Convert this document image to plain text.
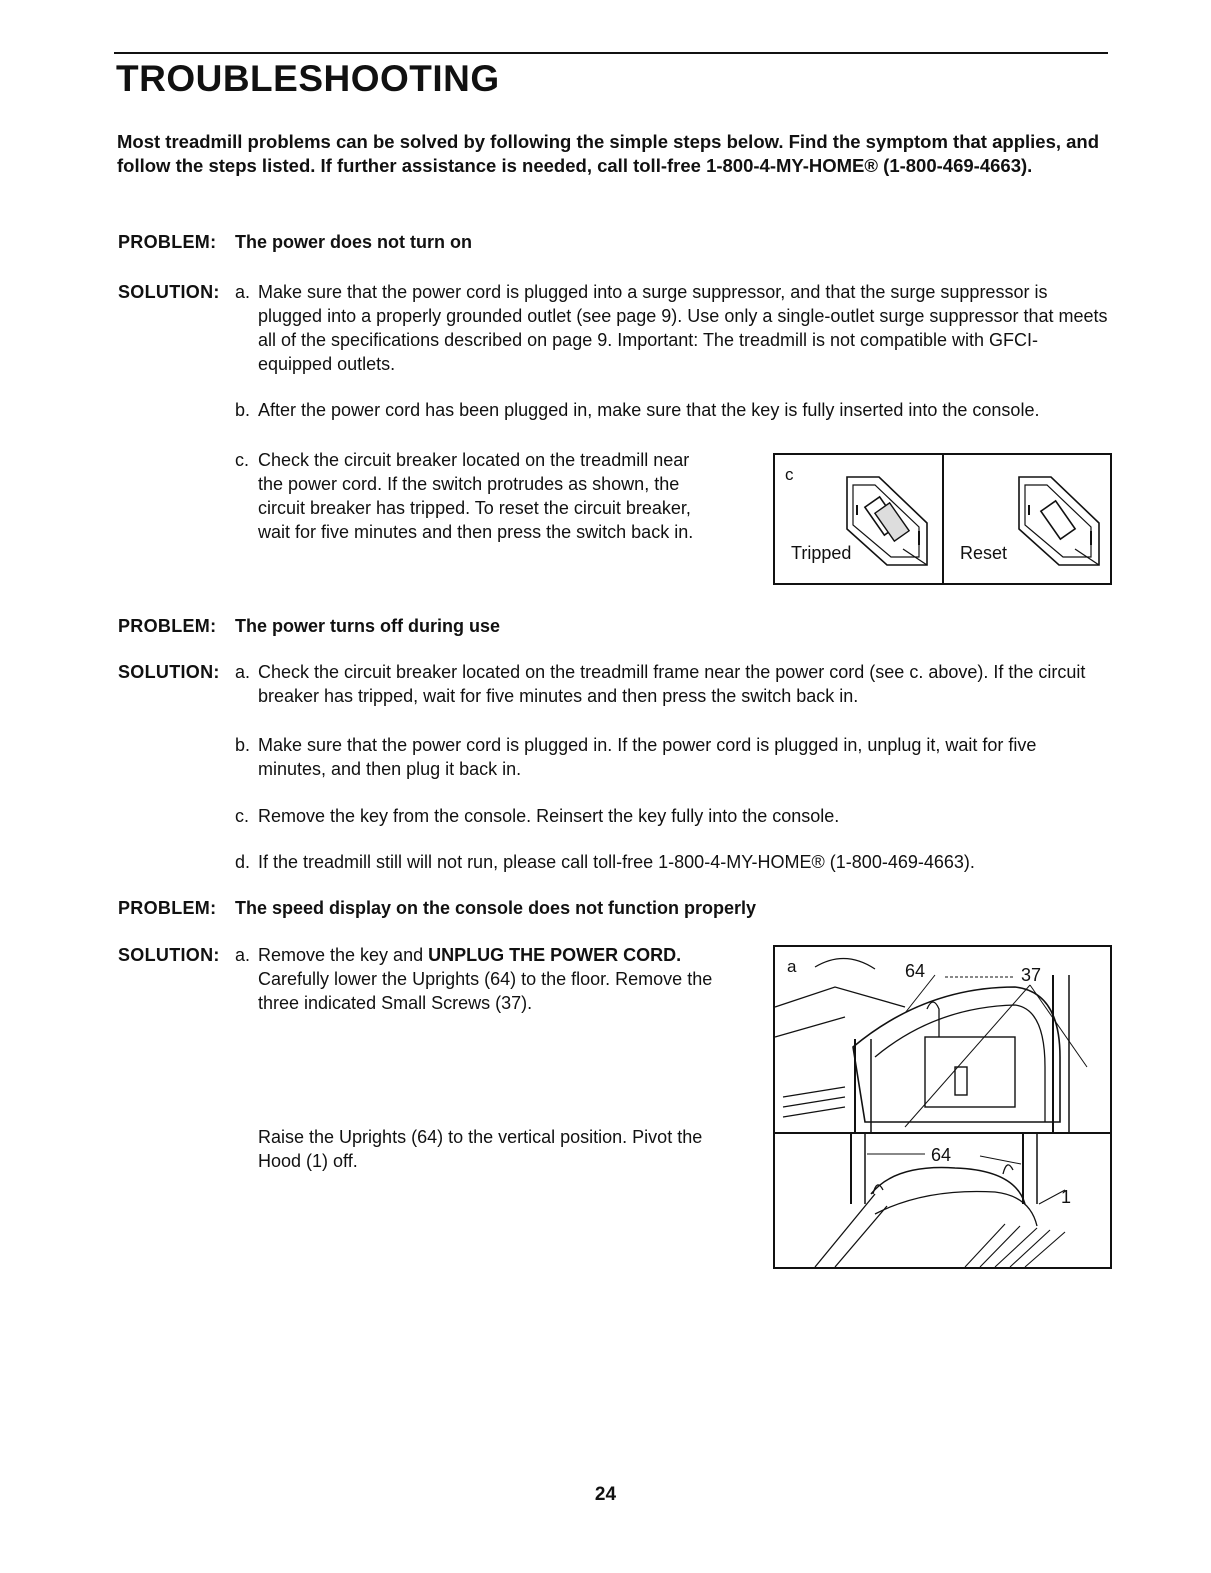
TROUBLESHOOTING
Most treadmill problems can be solved by following the simple steps below. Find the symptom that applies, and follow the steps listed. If further assistance is needed, call toll-free 1-800-4-MY-HOME® (1-800-469-4663).
PROBLEM: The power does not turn on
SOLUTION: a. Make sure that the power cord is plugged into a surge suppressor, and that the surge suppressor is plugged into a properly grounded outlet (see page 9). Use only a single-outlet surge suppressor that meets all of the specifications described on page 9. Important: The treadmill is not compatible with GFCI-equipped outlets.
b. After the power cord has been plugged in, make sure that the key is fully inserted into the console.
c. Check the circuit breaker located on the treadmill near the power cord. If the switch protrudes as shown, the circuit breaker has tripped. To reset the circuit breaker, wait for five minutes and then press the switch back in.
c
Tripped	Reset
PROBLEM: The power turns off during use
SOLUTION: a. Check the circuit breaker located on the treadmill frame near the power cord (see c. above). If the circuit breaker has tripped, wait for five minutes and then press the switch back in.
b. Make sure that the power cord is plugged in. If the power cord is plugged in, unplug it, wait for five minutes, and then plug it back in.
c. Remove the key from the console. Reinsert the key fully into the console.
d. If the treadmill still will not run, please call toll-free 1-800-4-MY-HOME® (1-800-469-4663).
PROBLEM: The speed display on the console does not function properly
SOLUTION: a. Remove the key and UNPLUG THE POWER CORD. Carefully lower the Uprights (64) to the floor. Remove the three indicated Small Screws (37).
Raise the Uprights (64) to the vertical position. Pivot the Hood (1) off.
a	64	37
64
1
24
